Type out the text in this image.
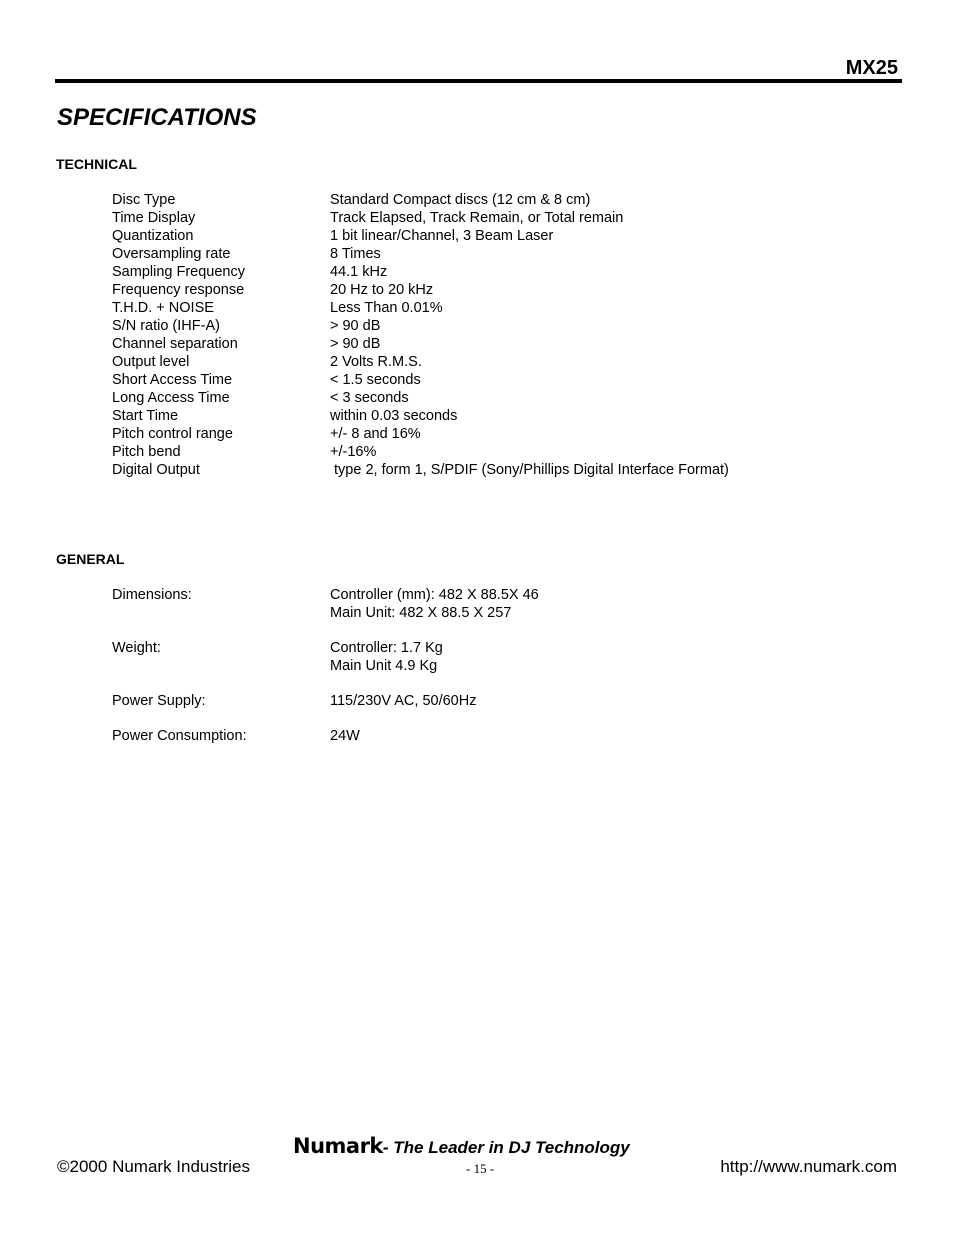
MX25
SPECIFICATIONS
TECHNICAL
Disc Type	Standard Compact discs (12 cm & 8 cm)
Time Display	Track Elapsed, Track Remain, or Total remain
Quantization	1 bit linear/Channel, 3 Beam Laser
Oversampling rate	8 Times
Sampling Frequency	44.1 kHz
Frequency response	20 Hz to 20 kHz
T.H.D. + NOISE	Less Than 0.01%
S/N ratio (IHF-A)	> 90 dB
Channel separation	> 90 dB
Output level	2 Volts R.M.S.
Short Access Time	< 1.5 seconds
Long Access Time	< 3 seconds
Start Time	within 0.03 seconds
Pitch control range	+/- 8 and 16%
Pitch bend	+/-16%
Digital Output	type 2, form 1, S/PDIF (Sony/Phillips Digital Interface Format)
GENERAL
Dimensions:	Controller (mm): 482 X 88.5X 46
Main Unit: 482 X 88.5 X 257
Weight:	Controller: 1.7 Kg
Main Unit 4.9 Kg
Power Supply:	115/230V AC, 50/60Hz
Power Consumption:	24W
Numark - The Leader in DJ Technology
©2000 Numark Industries	- 15 -	http://www.numark.com
